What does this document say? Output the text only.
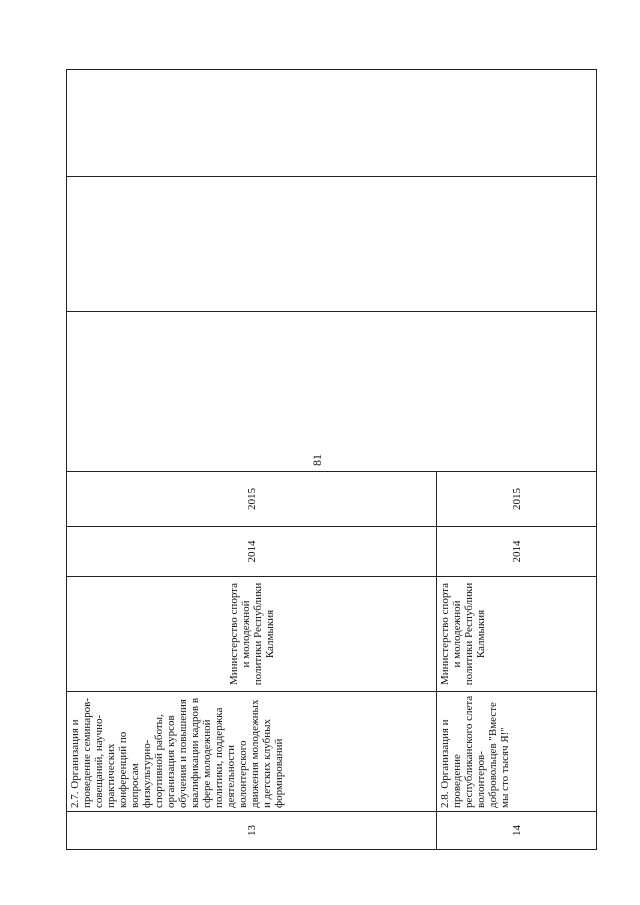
81
13	2.7. Организация и проведение семинаров-совещаний, научно-практических конференций по вопросам физкультурно-спортивной работы, организация курсов обучения и повышения квалификации кадров в сфере молодежной политики, поддержка деятельности волонтерского движения молодежных и детских клубных формирований	Министерство спорта и молодежной политики Республики Калмыкия	2014	2015			
14	2.8. Организация и проведение республиканского слета волонтеров-добровольцев "Вместе мы сто тысяч Я!"	Министерство спорта и молодежной политики Республики Калмыкия	2014	2015			
